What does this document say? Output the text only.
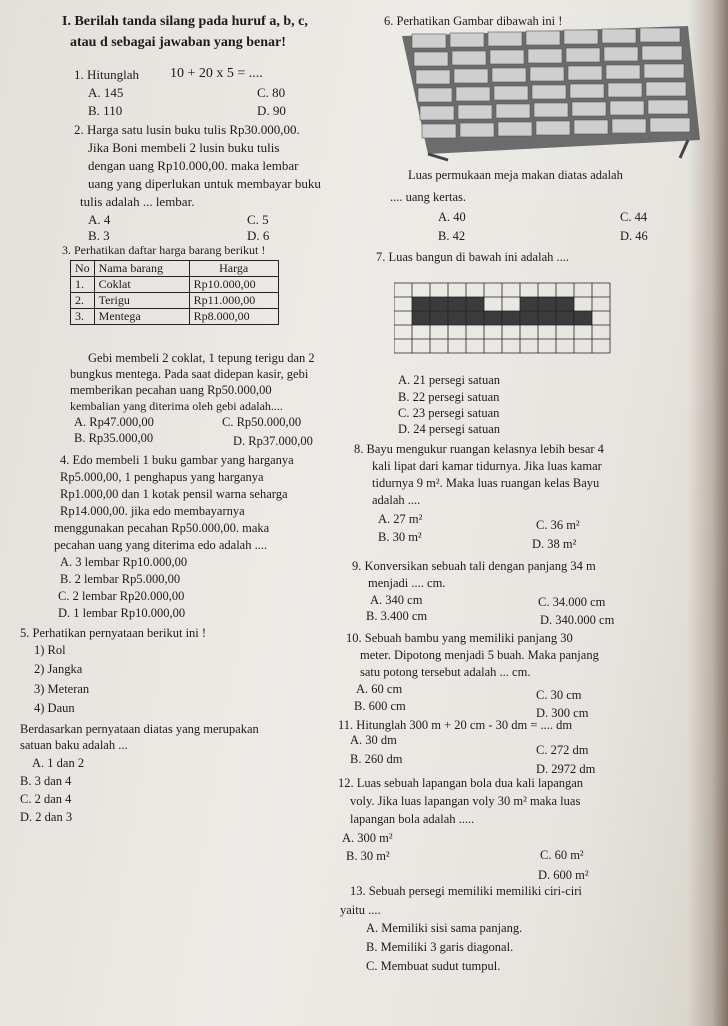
I. Berilah tanda silang pada huruf a, b, c,
atau d sebagai jawaban yang benar!
1. Hitunglah 10 + 20 x 5 = ....
A. 145	C. 80
B. 110	D. 90
2. Harga satu lusin buku tulis Rp30.000,00.
Jika Boni membeli 2 lusin buku tulis
dengan uang Rp10.000,00. maka lembar
uang yang diperlukan untuk membayar buku
tulis adalah ... lembar.
A. 4	C. 5
B. 3	D. 6
3. Perhatikan daftar harga barang berikut !
No	Nama barang	Harga
1.	Coklat	Rp10.000,00
2.	Terigu	Rp11.000,00
3.	Mentega	Rp8.000,00
Gebi membeli 2 coklat, 1 tepung terigu dan 2
bungkus mentega. Pada saat didepan kasir, gebi
memberikan pecahan uang Rp50.000,00
kembalian yang diterima oleh gebi adalah....
A. Rp47.000,00	C. Rp50.000,00
B. Rp35.000,00	D. Rp37.000,00
4. Edo membeli 1 buku gambar yang harganya
Rp5.000,00, 1 penghapus yang harganya
Rp1.000,00 dan 1 kotak pensil warna seharga
Rp14.000,00. jika edo membayarnya
menggunakan pecahan Rp50.000,00. maka
pecahan uang yang diterima edo adalah ....
A. 3 lembar Rp10.000,00
B. 2 lembar Rp5.000,00
C. 2 lembar Rp20.000,00
D. 1 lembar Rp10.000,00
5. Perhatikan pernyataan berikut ini !
1) Rol
2) Jangka
3) Meteran
4) Daun
Berdasarkan pernyataan diatas yang merupakan
satuan baku adalah ...
A. 1 dan 2
B. 3 dan 4
C. 2 dan 4
D. 2 dan 3
6. Perhatikan Gambar dibawah ini !
Luas permukaan meja makan diatas adalah
.... uang kertas.
A. 40	C. 44
B. 42	D. 46
7. Luas bangun di bawah ini adalah ....
A. 21 persegi satuan
B. 22 persegi satuan
C. 23 persegi satuan
D. 24 persegi satuan
8. Bayu mengukur ruangan kelasnya lebih besar 4
kali lipat dari kamar tidurnya. Jika luas kamar
tidurnya 9 m². Maka luas ruangan kelas Bayu
adalah ....
A. 27 m²	C. 36 m²
B. 30 m²	D. 38 m²
9. Konversikan sebuah tali dengan panjang 34 m
menjadi .... cm.
A. 340 cm	C. 34.000 cm
B. 3.400 cm	D. 340.000 cm
10. Sebuah bambu yang memiliki panjang 30
meter. Dipotong menjadi 5 buah. Maka panjang
satu potong tersebut adalah ... cm.
A. 60 cm	C. 30 cm
B. 600 cm	D. 300 cm
11. Hitunglah 300 m + 20 cm - 30 dm = .... dm
A. 30 dm
C. 272 dm
B. 260 dm
D. 2972 dm
12. Luas sebuah lapangan bola dua kali lapangan
voly. Jika luas lapangan voly 30 m² maka luas
lapangan bola adalah .....
A. 300 m²
C. 60 m²
B. 30 m²
D. 600 m²
13. Sebuah persegi memiliki memiliki ciri-ciri
yaitu ....
A. Memiliki sisi sama panjang.
B. Memiliki 3 garis diagonal.
C. Membuat sudut tumpul.
